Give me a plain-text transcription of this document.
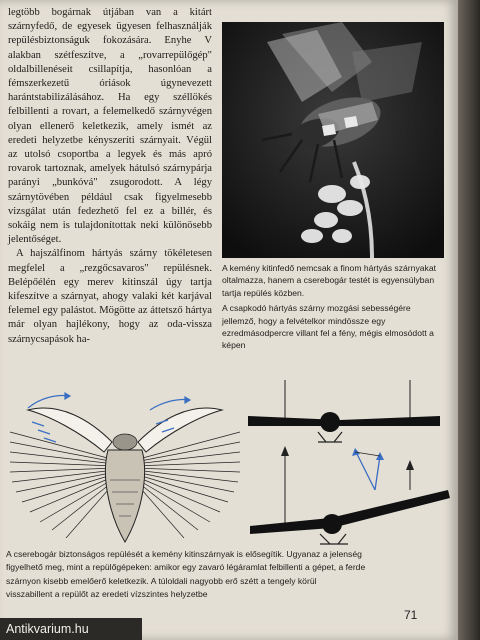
legtöbb bogárnak útjában van a kitárt szárnyfedő, de egyesek ügyesen felhasználják repülésbiztonságuk fokozására. Enyhe V alakban szétfeszítve, a „rovarrepülőgép" oldalbillenéseit csillapítja, hasonlóan a fémszerkezetű óriások úgynevezett harántstabilizálásához. Ha egy széllökés felbillenti a rovart, a felemelkedő szárnyvégen olyan ellenerő keletkezik, amely ismét az eredeti helyzetbe kényszeríti szárnyait. Végül az utolsó csoportba a legyek és más apró rovarok tartoznak, amelyek hátulsó szárnypárja parányi „bunkóvá" zsugorodott. A légy szárnytövében például csak figyelmesebb vizsgálat után fedezhető fel ez a billér, és sokáig nem is tulajdonítottak neki különösebb jelentőséget.

A hajszálfinom hártyás szárny tökéletesen megfelel a „rezgőcsavaros" repülésnek. Belépőélén egy merev kitinszál úgy tartja kifeszítve a szárnyat, ahogy valaki két karjával felemel egy palástot. Mögötte az áttetsző hártya már olyan hajlékony, hogy az oda-vissza szárnycsapások ha-

A kemény kitinfedő nemcsak a finom hártyás szárnyakat oltalmazza, hanem a cserebogár testét is egyensúlyban tartja repülés közben.

A csapkodó hártyás szárny mozgási sebességére jellemző, hogy a felvételkor mindössze egy ezredmásodpercre villant fel a fény, mégis elmosódott a képen

A cserebogár biztonságos repülését a kemény kitinszárnyak is elősegítik. Ugyanaz a jelenség

figyelhető meg, mint a repülőgépeken: amikor egy zavaró légáramlat felbillenti a gépet, a ferde

szárnyon kisebb emelőerő keletkezik. A túloldali nagyobb erő szétt a tengely körül

visszabillent a repülőt az eredeti vízszintes helyzetbe

71
Antikvarium.hu
